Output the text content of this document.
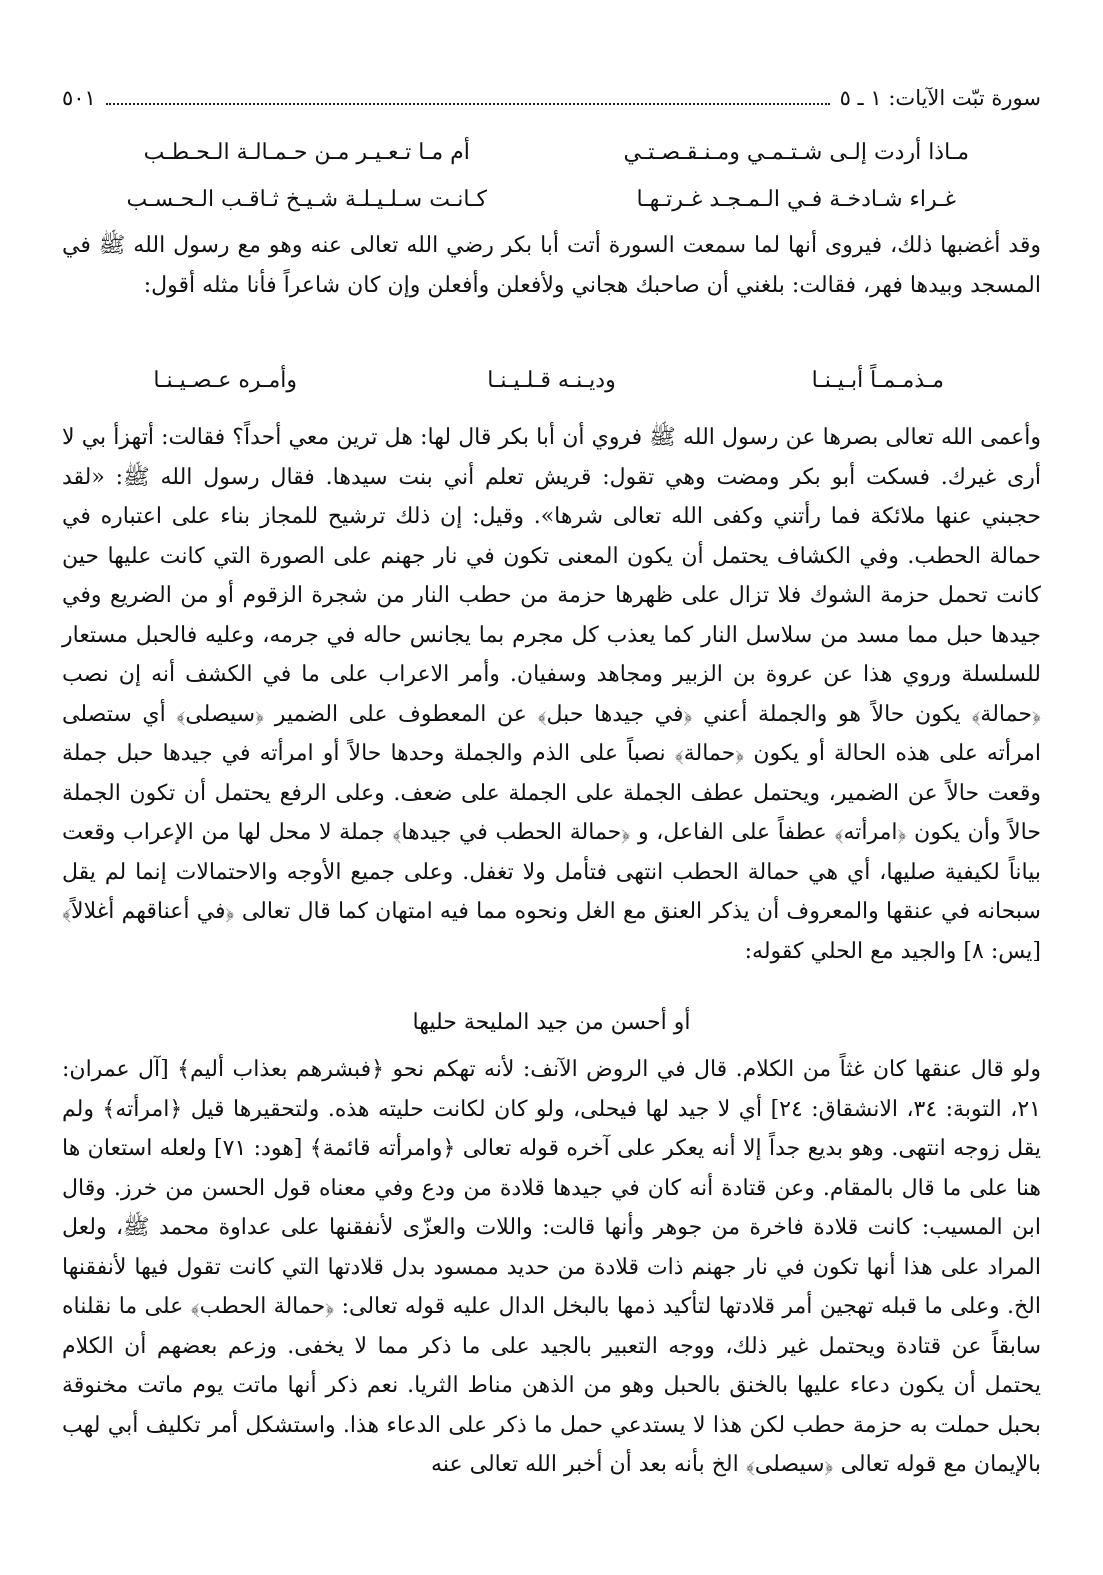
سورة تبّت الآيات: ١ ـ ٥
٥٠١
مـاذا أردت إلـى شـتـمـي ومـنـقـصـتـي
أم مـا تـعـيـر مـن حـمـالـة الـحـطـب
غـراء شـادخـة فـي الـمـجـد غـرتـهـا
كـانـت سـلـيـلـة شـيـخ ثـاقـب الـحـسـب

وقد أغضبها ذلك، فيروى أنها لما سمعت السورة أتت أبا بكر رضي الله تعالى عنه وهو مع رسول الله ﷺ في المسجد وبيدها فهر، فقالت: بلغني أن صاحبك هجاني ولأفعلن وأفعلن وإن كان شاعراً فأنا مثله أقول:

مـذمـمـاً أبـيـنـا
وديـنـه قـلـيـنـا
وأمـره عـصـيـنـا

وأعمى الله تعالى بصرها عن رسول الله ﷺ فروي أن أبا بكر قال لها: هل ترين معي أحداً؟ فقالت: أتهزأ بي لا أرى غيرك. فسكت أبو بكر ومضت وهي تقول: قريش تعلم أني بنت سيدها. فقال رسول الله ﷺ: «لقد حجبني عنها ملائكة فما رأتني وكفى الله تعالى شرها». وقيل: إن ذلك ترشيح للمجاز بناء على اعتباره في حمالة الحطب. وفي الكشاف يحتمل أن يكون المعنى تكون في نار جهنم على الصورة التي كانت عليها حين كانت تحمل حزمة الشوك فلا تزال على ظهرها حزمة من حطب النار من شجرة الزقوم أو من الضريع وفي جيدها حبل مما مسد من سلاسل النار كما يعذب كل مجرم بما يجانس حاله في جرمه، وعليه فالحبل مستعار للسلسلة وروي هذا عن عروة بن الزبير ومجاهد وسفيان. وأمر الاعراب على ما في الكشف أنه إن نصب ﴿حمالة﴾ يكون حالاً هو والجملة أعني ﴿في جيدها حبل﴾ عن المعطوف على الضمير ﴿سيصلى﴾ أي ستصلى امرأته على هذه الحالة أو يكون ﴿حمالة﴾ نصباً على الذم والجملة وحدها حالاً أو امرأته في جيدها حبل جملة وقعت حالاً عن الضمير، ويحتمل عطف الجملة على الجملة على ضعف. وعلى الرفع يحتمل أن تكون الجملة حالاً وأن يكون ﴿امرأته﴾ عطفاً على الفاعل، و ﴿حمالة الحطب في جيدها﴾ جملة لا محل لها من الإعراب وقعت بياناً لكيفية صليها، أي هي حمالة الحطب انتهى فتأمل ولا تغفل. وعلى جميع الأوجه والاحتمالات إنما لم يقل سبحانه في عنقها والمعروف أن يذكر العنق مع الغل ونحوه مما فيه امتهان كما قال تعالى ﴿في أعناقهم أغلالاً﴾ [يس: ٨] والجيد مع الحلي كقوله:

أو أحسن من جيد المليحة حليها

ولو قال عنقها كان غثاً من الكلام. قال في الروض الآنف: لأنه تهكم نحو ﴿فبشرهم بعذاب أليم﴾ [آل عمران: ٢١، التوبة: ٣٤، الانشقاق: ٢٤] أي لا جيد لها فيحلى، ولو كان لكانت حليته هذه. ولتحقيرها قيل ﴿امرأته﴾ ولم يقل زوجه انتهى. وهو بديع جداً إلا أنه يعكر على آخره قوله تعالى ﴿وامرأته قائمة﴾ [هود: ٧١] ولعله استعان ها هنا على ما قال بالمقام. وعن قتادة أنه كان في جيدها قلادة من ودع وفي معناه قول الحسن من خرز. وقال ابن المسيب: كانت قلادة فاخرة من جوهر وأنها قالت: واللات والعزّى لأنفقنها على عداوة محمد ﷺ، ولعل المراد على هذا أنها تكون في نار جهنم ذات قلادة من حديد ممسود بدل قلادتها التي كانت تقول فيها لأنفقنها الخ. وعلى ما قبله تهجين أمر قلادتها لتأكيد ذمها بالبخل الدال عليه قوله تعالى: ﴿حمالة الحطب﴾ على ما نقلناه سابقاً عن قتادة ويحتمل غير ذلك، ووجه التعبير بالجيد على ما ذكر مما لا يخفى. وزعم بعضهم أن الكلام يحتمل أن يكون دعاء عليها بالخنق بالحبل وهو من الذهن مناط الثريا. نعم ذكر أنها ماتت يوم ماتت مخنوقة بحبل حملت به حزمة حطب لكن هذا لا يستدعي حمل ما ذكر على الدعاء هذا. واستشكل أمر تكليف أبي لهب بالإيمان مع قوله تعالى ﴿سيصلى﴾ الخ بأنه بعد أن أخبر الله تعالى عنه
